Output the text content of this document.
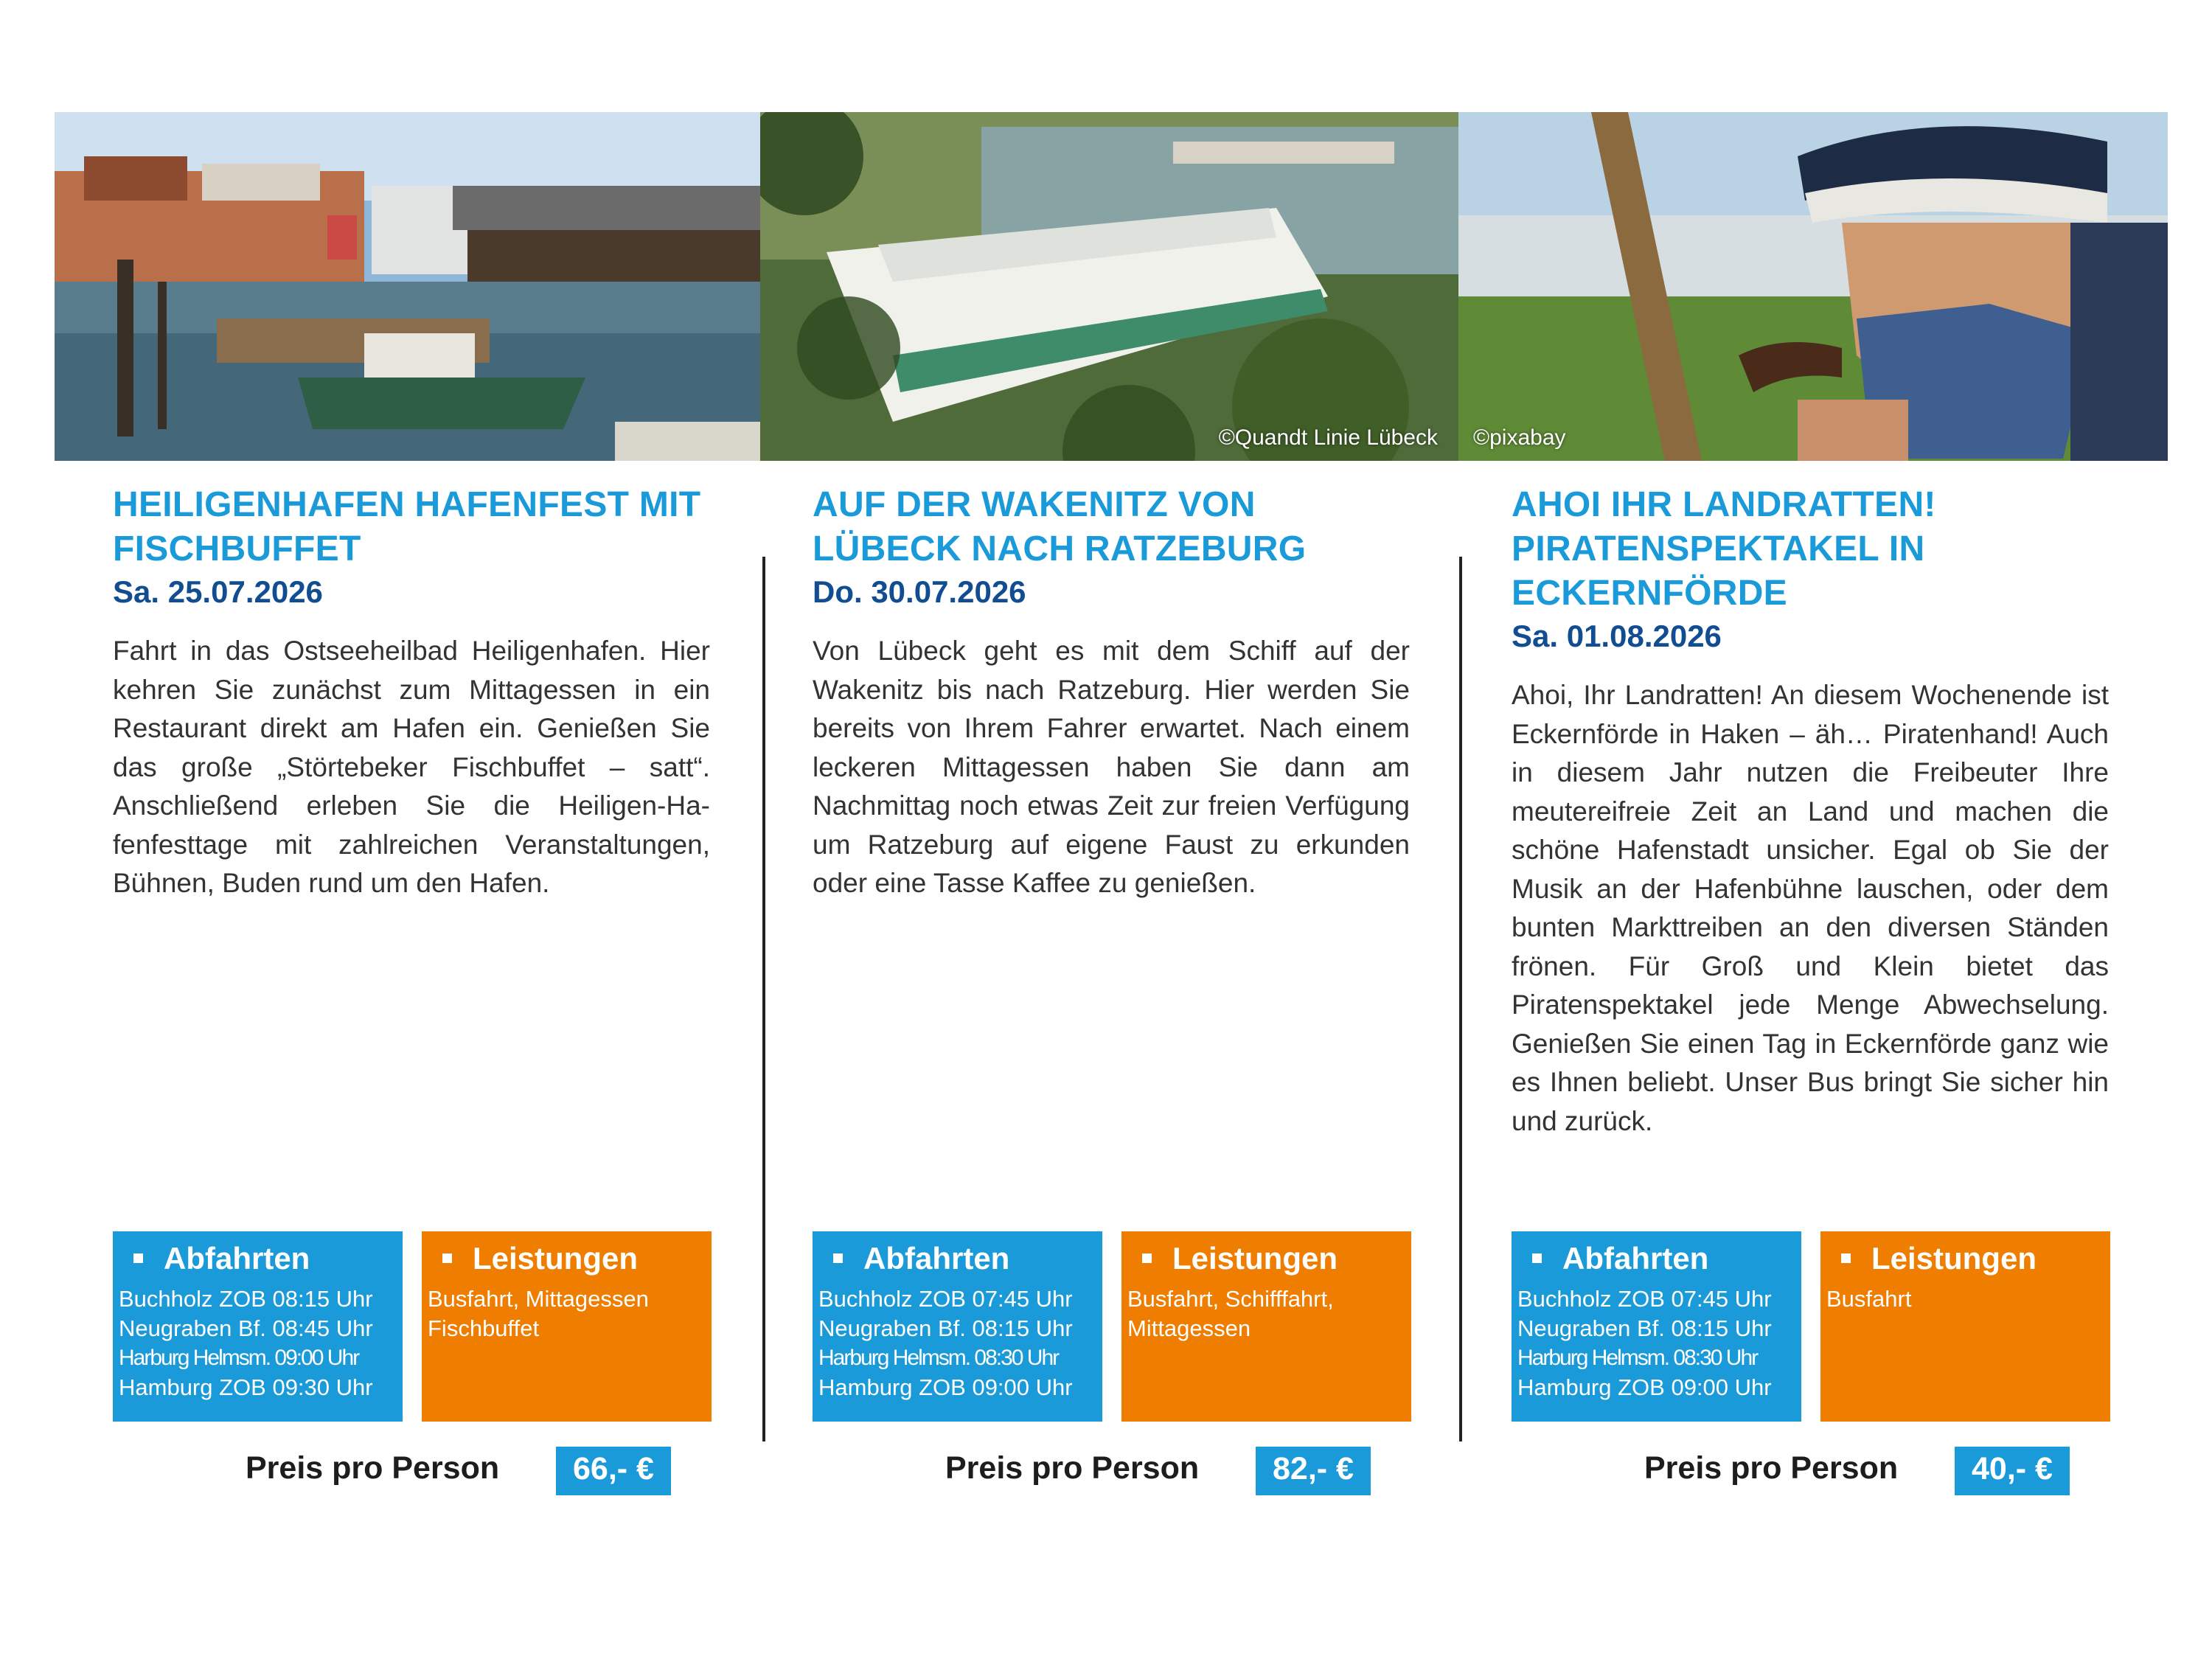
©Quandt Linie Lübeck ©pixabay
HEILIGENHAFEN HAFENFEST MIT FISCHBUFFET
Sa. 25.07.2026
Fahrt in das Ostseeheilbad Heiligenhafen. Hier kehren Sie zunächst zum Mittagessen in ein Restaurant direkt am Hafen ein. Genießen Sie das große „Störtebeker Fischbuffet – satt“. Anschließend erleben Sie die Heiligen-Hafenfesttage mit zahlreichen Veranstaltungen, Bühnen, Buden rund um den Hafen.
Abfahrten
Buchholz ZOB 08:15 Uhr
Neugraben Bf. 08:45 Uhr
Harburg Helmsm. 09:00 Uhr
Hamburg ZOB 09:30 Uhr
Leistungen
Busfahrt, Mittagessen
Fischbuffet
Preis pro Person	66,- €
AUF DER WAKENITZ VON LÜBECK NACH RATZEBURG
Do. 30.07.2026
Von Lübeck geht es mit dem Schiff auf der Wakenitz bis nach Ratzeburg. Hier werden Sie bereits von Ihrem Fahrer erwartet. Nach einem leckeren Mittagessen haben Sie dann am Nachmittag noch etwas Zeit zur freien Verfügung um Ratzeburg auf eigene Faust zu erkunden oder eine Tasse Kaffee zu genießen.
Abfahrten
Buchholz ZOB 07:45 Uhr
Neugraben Bf. 08:15 Uhr
Harburg Helmsm. 08:30 Uhr
Hamburg ZOB 09:00 Uhr
Leistungen
Busfahrt, Schifffahrt,
Mittagessen
Preis pro Person	82,- €
AHOI IHR LANDRATTEN! PIRATENSPEKTAKEL IN ECKERNFÖRDE
Sa. 01.08.2026
Ahoi, Ihr Landratten! An diesem Wochenende ist Eckernförde in Haken – äh… Piratenhand! Auch in diesem Jahr nutzen die Freibeuter Ihre meutereifreie Zeit an Land und machen die schöne Hafenstadt unsicher. Egal ob Sie der Musik an der Hafenbühne lauschen, oder dem bunten Markttreiben an den diversen Ständen frönen. Für Groß und Klein bietet das Piratenspektakel jede Menge Abwechselung. Genießen Sie einen Tag in Eckernförde ganz wie es Ihnen beliebt. Unser Bus bringt Sie sicher hin und zurück.
Abfahrten
Buchholz ZOB 07:45 Uhr
Neugraben Bf. 08:15 Uhr
Harburg Helmsm. 08:30 Uhr
Hamburg ZOB 09:00 Uhr
Leistungen
Busfahrt
Preis pro Person	40,- €
